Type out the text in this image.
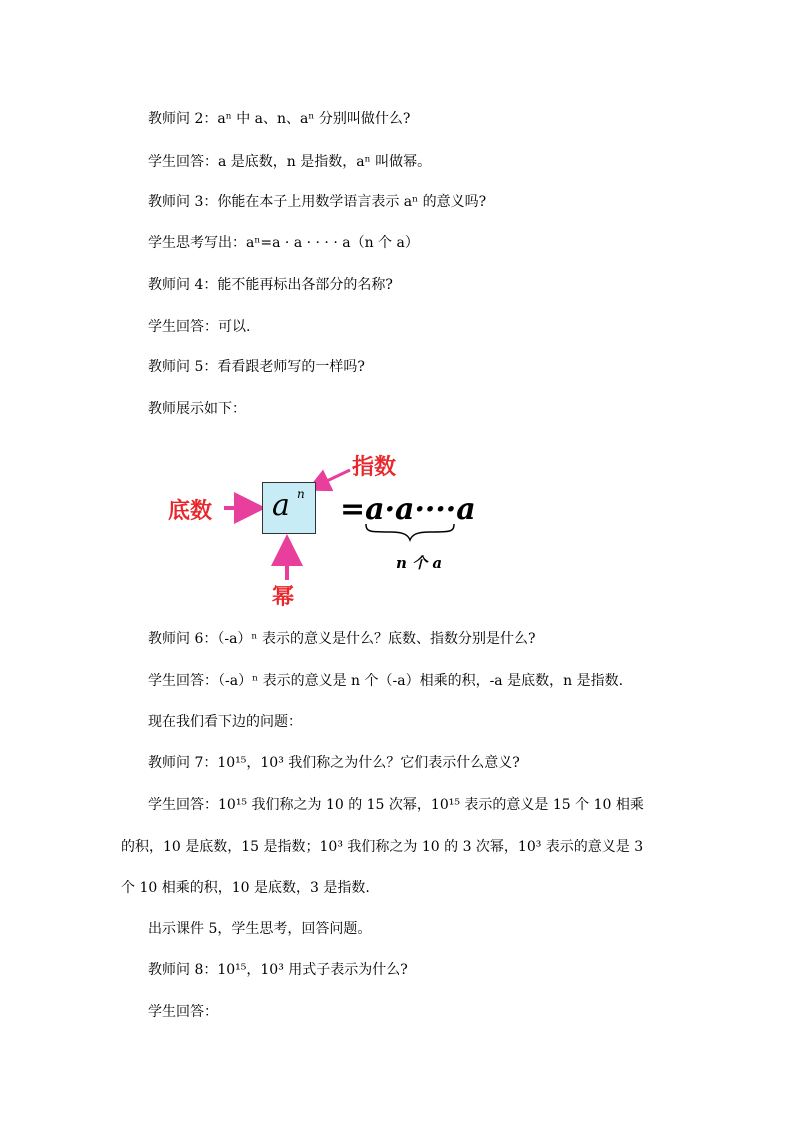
教师问 2：aⁿ 中 a、n、aⁿ 分别叫做什么?
学生回答：a 是底数，n 是指数，aⁿ 叫做幂。
教师问 3：你能在本子上用数学语言表示 aⁿ 的意义吗?
学生思考写出：aⁿ=a · a · · · · a（n 个 a）
教师问 4：能不能再标出各部分的名称?
学生回答：可以.
教师问 5：看看跟老师写的一样吗?
教师展示如下：
底数
指数
幂
a n =a·a····a
n 个 a
教师问 6：（-a）ⁿ 表示的意义是什么？底数、指数分别是什么?
学生回答：（-a）ⁿ 表示的意义是 n 个（-a）相乘的积，-a 是底数，n 是指数.
现在我们看下边的问题：
教师问 7：10¹⁵，10³ 我们称之为什么？它们表示什么意义?
学生回答：10¹⁵ 我们称之为 10 的 15 次幂，10¹⁵ 表示的意义是 15 个 10 相乘
的积，10 是底数，15 是指数；10³ 我们称之为 10 的 3 次幂，10³ 表示的意义是 3
个 10 相乘的积，10 是底数，3 是指数.
出示课件 5，学生思考，回答问题。
教师问 8：10¹⁵，10³ 用式子表示为什么?
学生回答：
